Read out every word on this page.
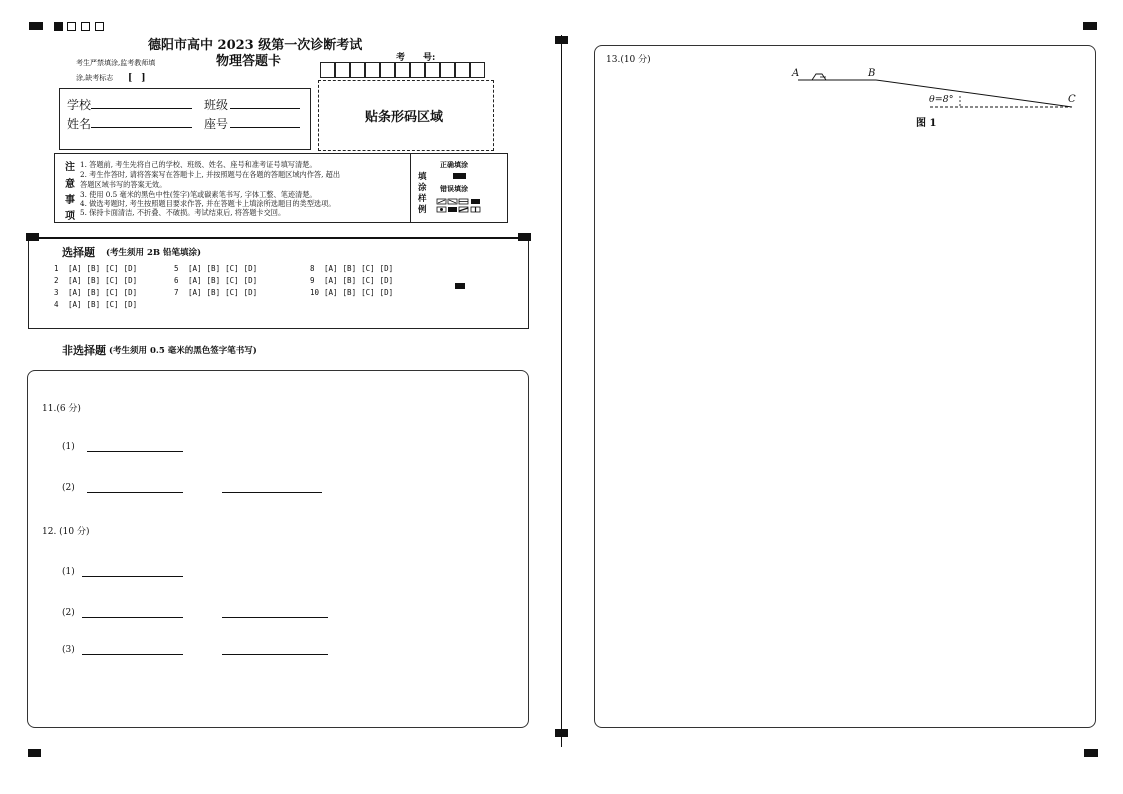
德阳市高中 2023 级第一次诊断考试
物理答题卡
考生严禁填涂,监考教师填
涂,缺考标志 [　]
考　　号:
学校	班级
姓名	座号	贴条形码区域
注
意
事
项
1. 答题前, 考生先将自己的学校、班级、姓名、座号和准考证号填写清楚。
2. 考生作答时, 请将答案写在答题卡上, 并按照题号在各题的答题区域内作答, 超出
答题区域书写的答案无效。
3. 使用 0.5 毫米的黑色中性(签字)笔或碳素笔书写, 字体工整、笔迹清楚。
4. 做选考题时, 考生按照题目要求作答, 并在答题卡上填涂所选题目的类型选项。
5. 保持卡面清洁, 不折叠、不破损。考试结束后, 将答题卡交回。
填
涂
样
例
正确填涂
错误填涂
选择题 (考生须用 2B 铅笔填涂)
1 [A] [B] [C] [D]
2 [A] [B] [C] [D]
3 [A] [B] [C] [D]
4 [A] [B] [C] [D]
5 [A] [B] [C] [D]
6 [A] [B] [C] [D]
7 [A] [B] [C] [D]
8 [A] [B] [C] [D]
9 [A] [B] [C] [D]
10 [A] [B] [C] [D]
非选择题 (考生须用 0.5 毫米的黑色签字笔书写)
11.(6 分)
(1)
(2)
12. (10 分)
(1)
(2)
(3)
13.(10 分)
A	B
C
θ=8°
图 1
